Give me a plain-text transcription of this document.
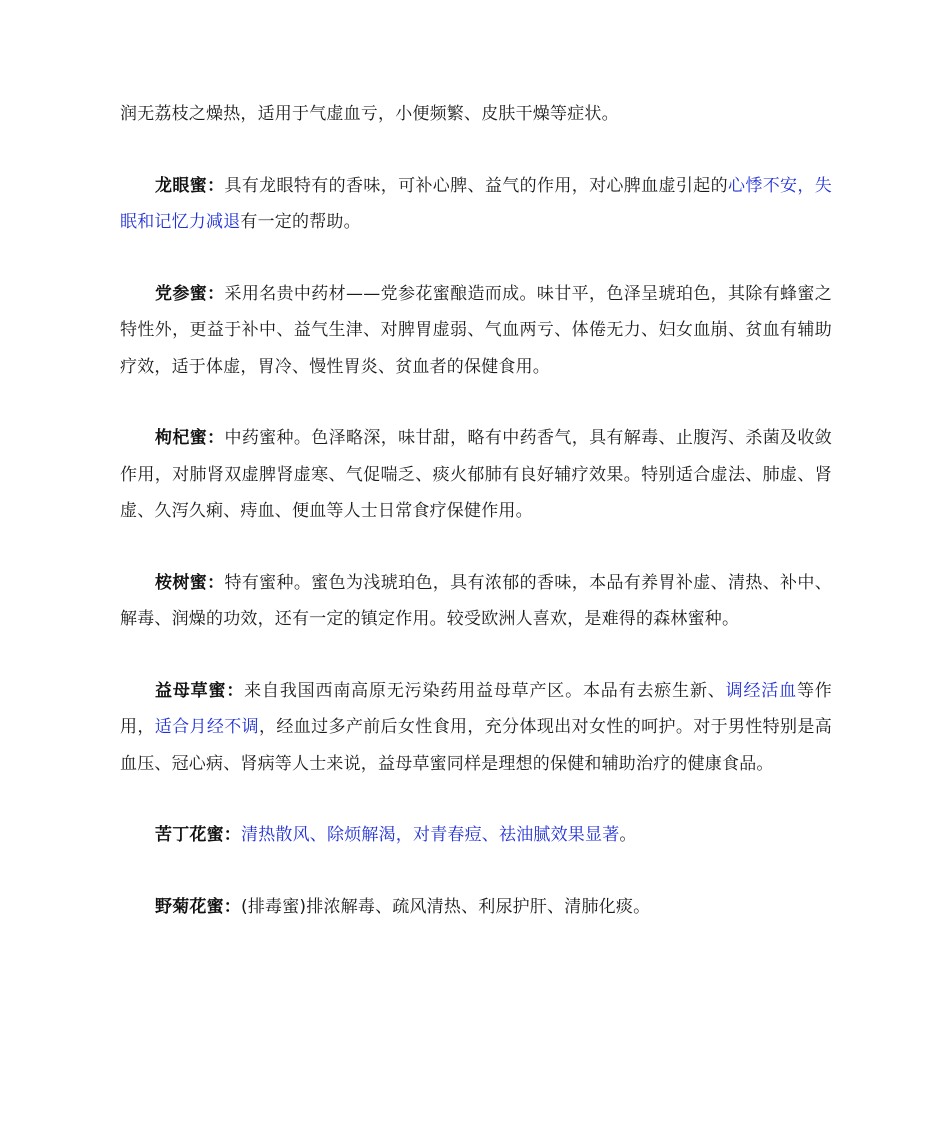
润无荔枝之燥热，适用于气虚血亏，小便频繁、皮肤干燥等症状。

龙眼蜜：具有龙眼特有的香味，可补心脾、益气的作用，对心脾血虚引起的心悸不安，失眠和记忆力减退有一定的帮助。

党参蜜：采用名贵中药材——党参花蜜酿造而成。味甘平，色泽呈琥珀色，其除有蜂蜜之特性外，更益于补中、益气生津、对脾胃虚弱、气血两亏、体倦无力、妇女血崩、贫血有辅助疗效，适于体虚，胃冷、慢性胃炎、贫血者的保健食用。

枸杞蜜：中药蜜种。色泽略深，味甘甜，略有中药香气，具有解毒、止腹泻、杀菌及收敛作用，对肺肾双虚脾肾虚寒、气促喘乏、痰火郁肺有良好辅疗效果。特别适合虚法、肺虚、肾虚、久泻久痢、痔血、便血等人士日常食疗保健作用。

桉树蜜：特有蜜种。蜜色为浅琥珀色，具有浓郁的香味，本品有养胃补虚、清热、补中、解毒、润燥的功效，还有一定的镇定作用。较受欧洲人喜欢，是难得的森林蜜种。

益母草蜜：来自我国西南高原无污染药用益母草产区。本品有去瘀生新、调经活血等作用，适合月经不调，经血过多产前后女性食用，充分体现出对女性的呵护。对于男性特别是高血压、冠心病、肾病等人士来说，益母草蜜同样是理想的保健和辅助治疗的健康食品。

苦丁花蜜：清热散风、除烦解渴，对青春痘、祛油腻效果显著。

野菊花蜜：(排毒蜜)排浓解毒、疏风清热、利尿护肝、清肺化痰。
